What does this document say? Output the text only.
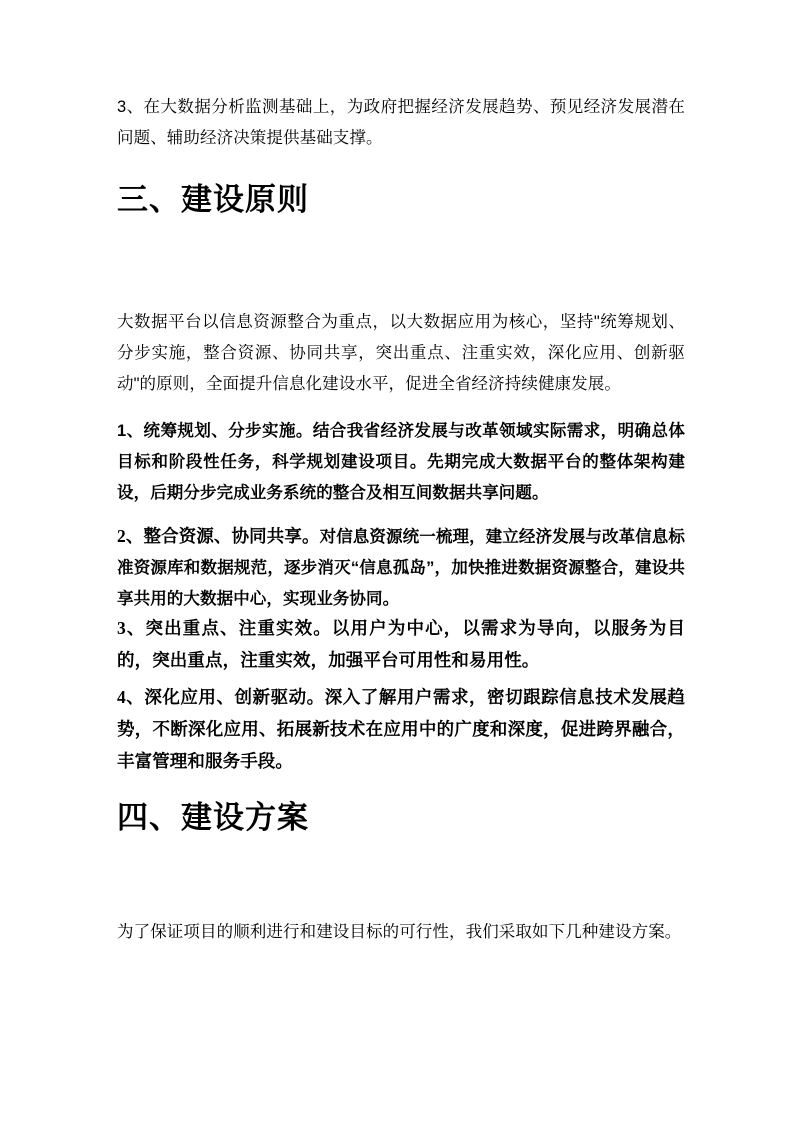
3、在大数据分析监测基础上，为政府把握经济发展趋势、预见经济发展潜在问题、辅助经济决策提供基础支撑。

三、建设原则

大数据平台以信息资源整合为重点，以大数据应用为核心，坚持"统筹规划、分步实施，整合资源、协同共享，突出重点、注重实效，深化应用、创新驱动"的原则，全面提升信息化建设水平，促进全省经济持续健康发展。

1、统筹规划、分步实施。结合我省经济发展与改革领域实际需求，明确总体目标和阶段性任务，科学规划建设项目。先期完成大数据平台的整体架构建设，后期分步完成业务系统的整合及相互间数据共享问题。

2、整合资源、协同共享。对信息资源统一梳理，建立经济发展与改革信息标准资源库和数据规范，逐步消灭“信息孤岛”，加快推进数据资源整合，建设共享共用的大数据中心，实现业务协同。

3、突出重点、注重实效。以用户为中心，以需求为导向，以服务为目的，突出重点，注重实效，加强平台可用性和易用性。

4、深化应用、创新驱动。深入了解用户需求，密切跟踪信息技术发展趋势，不断深化应用、拓展新技术在应用中的广度和深度，促进跨界融合，丰富管理和服务手段。

四、建设方案

为了保证项目的顺利进行和建设目标的可行性，我们采取如下几种建设方案。
